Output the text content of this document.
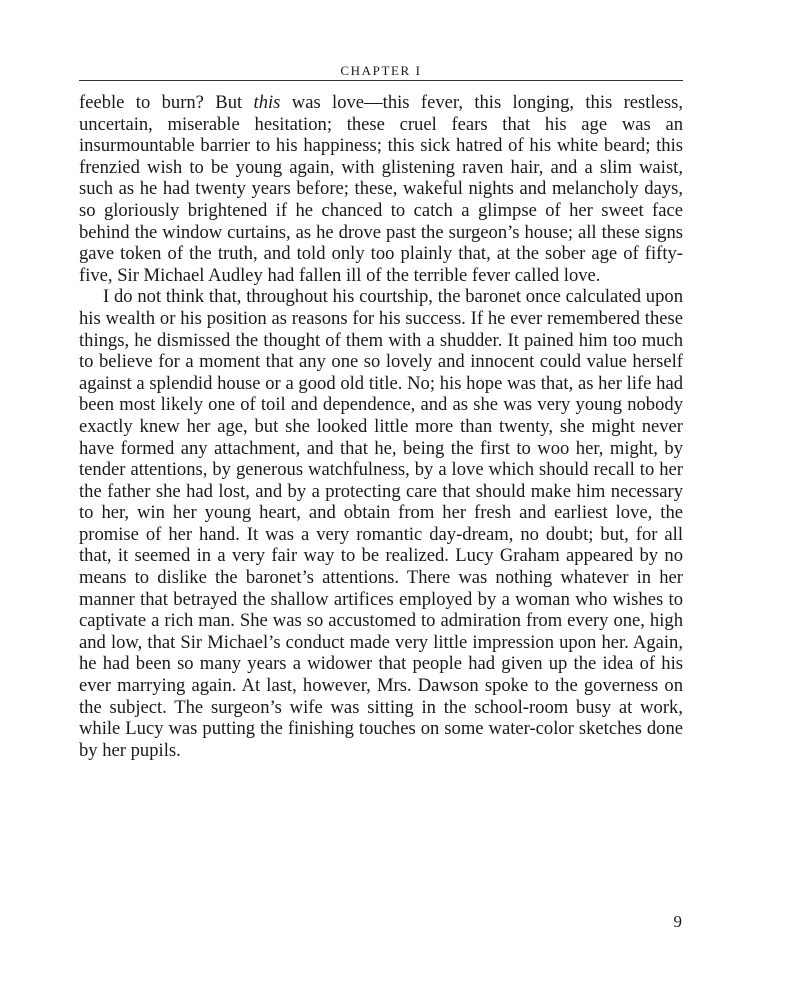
CHAPTER I

feeble to burn? But this was love—this fever, this longing, this restless, uncertain, miserable hesitation; these cruel fears that his age was an insurmountable barrier to his happiness; this sick hatred of his white beard; this frenzied wish to be young again, with glistening raven hair, and a slim waist, such as he had twenty years before; these, wakeful nights and melancholy days, so gloriously brightened if he chanced to catch a glimpse of her sweet face behind the window curtains, as he drove past the surgeon’s house; all these signs gave token of the truth, and told only too plainly that, at the sober age of fifty-five, Sir Michael Audley had fallen ill of the terrible fever called love.

I do not think that, throughout his courtship, the baronet once calculated upon his wealth or his position as reasons for his success. If he ever remembered these things, he dismissed the thought of them with a shudder. It pained him too much to believe for a moment that any one so lovely and innocent could value herself against a splendid house or a good old title. No; his hope was that, as her life had been most likely one of toil and dependence, and as she was very young nobody exactly knew her age, but she looked little more than twenty, she might never have formed any attachment, and that he, being the first to woo her, might, by tender attentions, by generous watchfulness, by a love which should recall to her the father she had lost, and by a protecting care that should make him necessary to her, win her young heart, and obtain from her fresh and earliest love, the promise of her hand. It was a very romantic day-dream, no doubt; but, for all that, it seemed in a very fair way to be realized. Lucy Graham appeared by no means to dislike the baronet’s attentions. There was nothing whatever in her manner that betrayed the shallow artifices employed by a woman who wishes to captivate a rich man. She was so accustomed to admiration from every one, high and low, that Sir Michael’s conduct made very little impression upon her. Again, he had been so many years a widower that people had given up the idea of his ever marrying again. At last, however, Mrs. Dawson spoke to the governess on the subject. The surgeon’s wife was sitting in the school-room busy at work, while Lucy was putting the finishing touches on some water-color sketches done by her pupils.

9
